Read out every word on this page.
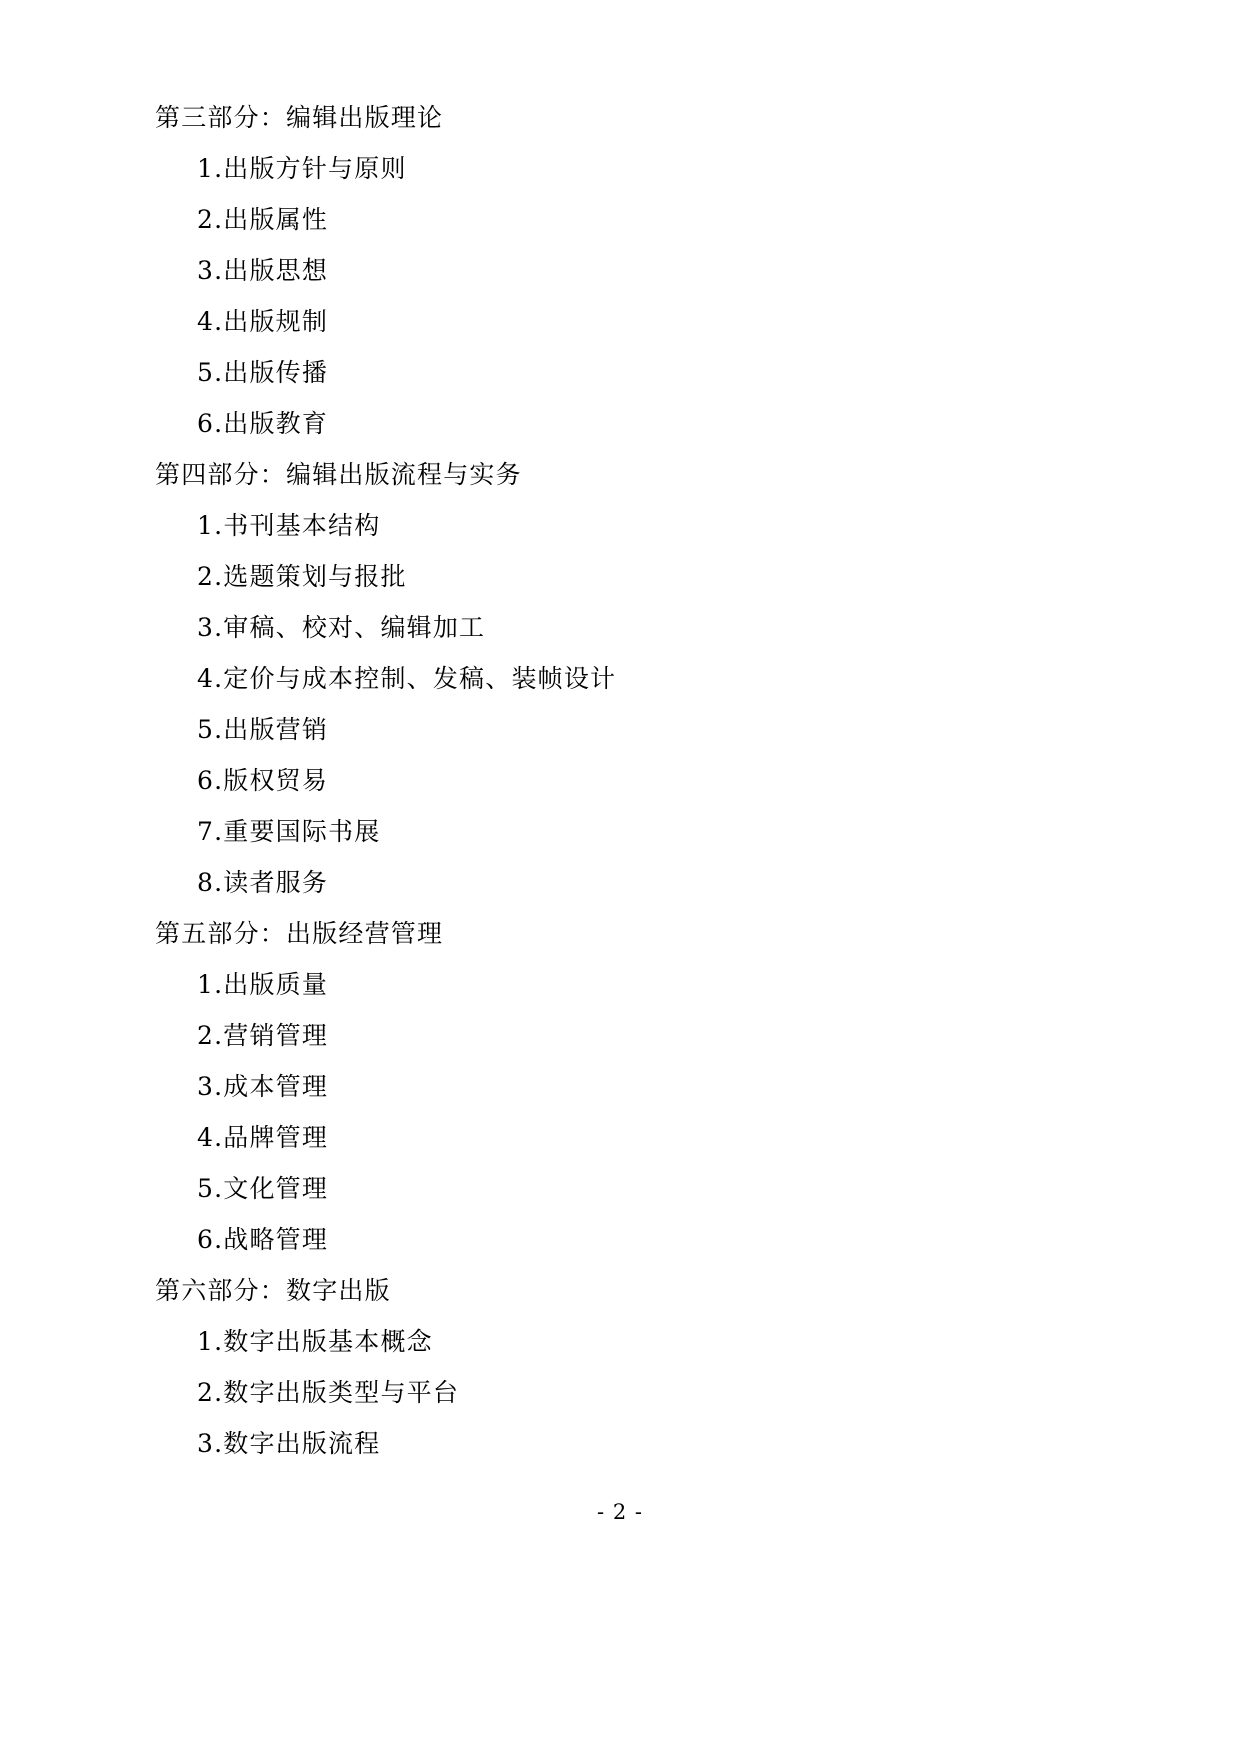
第三部分：编辑出版理论
1.出版方针与原则
2.出版属性
3.出版思想
4.出版规制
5.出版传播
6.出版教育
第四部分：编辑出版流程与实务
1.书刊基本结构
2.选题策划与报批
3.审稿、校对、编辑加工
4.定价与成本控制、发稿、装帧设计
5.出版营销
6.版权贸易
7.重要国际书展
8.读者服务
第五部分：出版经营管理
1.出版质量
2.营销管理
3.成本管理
4.品牌管理
5.文化管理
6.战略管理
第六部分：数字出版
1.数字出版基本概念
2.数字出版类型与平台
3.数字出版流程
- 2 -
